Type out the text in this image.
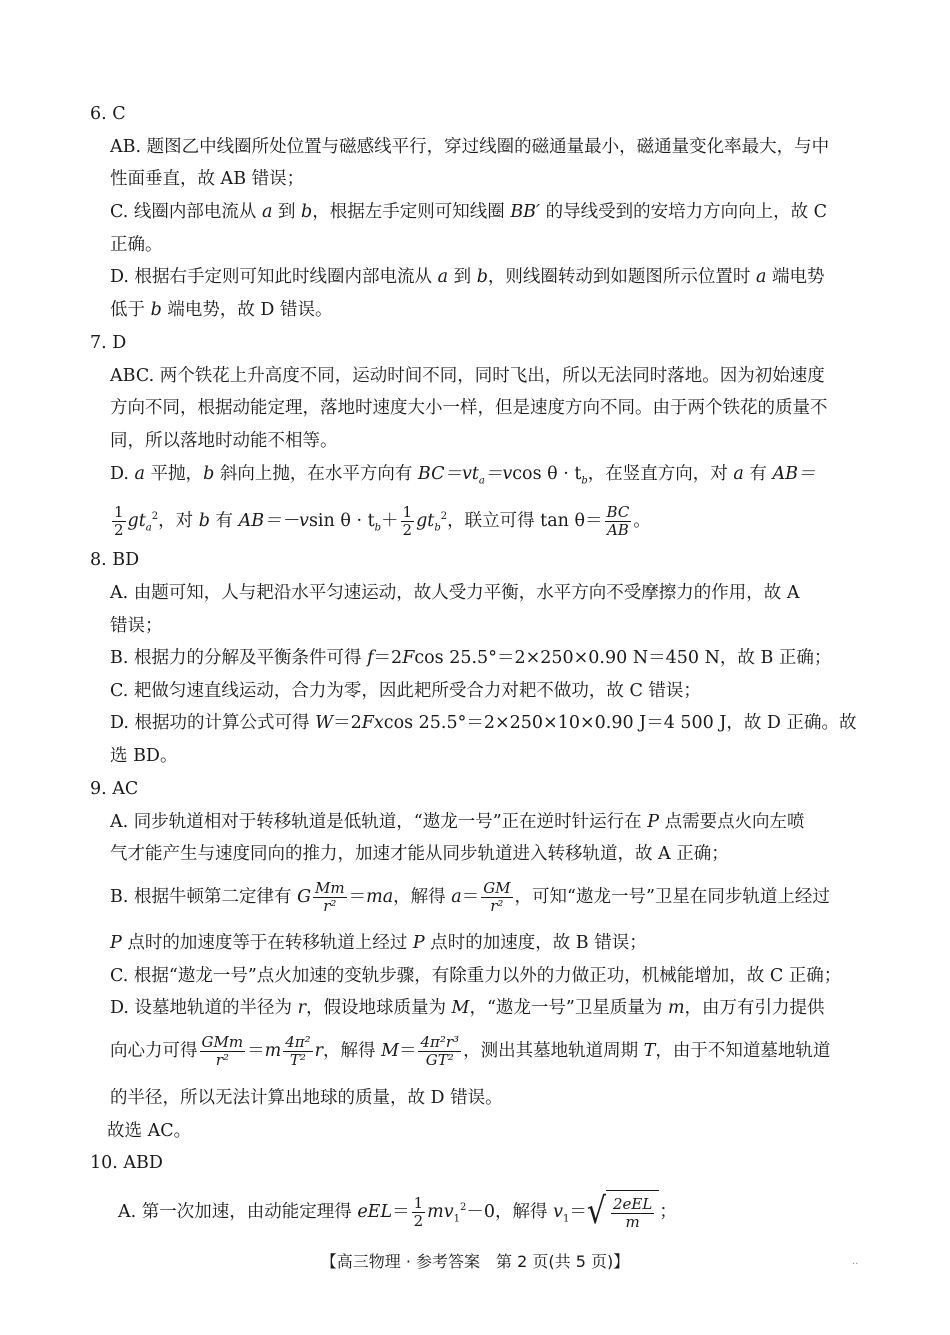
6. C
AB. 题图乙中线圈所处位置与磁感线平行，穿过线圈的磁通量最小，磁通量变化率最大，与中
性面垂直，故 AB 错误；
C. 线圈内部电流从 a 到 b，根据左手定则可知线圈 BB′ 的导线受到的安培力方向向上，故 C
正确。
D. 根据右手定则可知此时线圈内部电流从 a 到 b，则线圈转动到如题图所示位置时 a 端电势
低于 b 端电势，故 D 错误。
7. D
ABC. 两个铁花上升高度不同，运动时间不同，同时飞出，所以无法同时落地。因为初始速度
方向不同，根据动能定理，落地时速度大小一样，但是速度方向不同。由于两个铁花的质量不
同，所以落地时动能不相等。
D. a 平抛，b 斜向上抛，在水平方向有 $BC=vt_a=vcos$ $\theta \cdot t_b$，在竖直方向，对 a 有 AB＝
$\frac{1}{2} gt_a^2$，对 b 有 AB＝－vsin $\theta \cdot t_b+ \frac{1}{2} gt_b^2$，联立可得 $\tan \theta= \frac{BC}{AB}$ 。
8. BD
A. 由题可知，人与耙沿水平匀速运动，故人受力平衡，水平方向不受摩擦力的作用，故 A
错误；
B. 根据力的分解及平衡条件可得 f＝2Fcos 25.5°＝2×250×0.90 N＝450 N，故 B 正确；
C. 耙做匀速直线运动，合力为零，因此耙所受合力对耙不做功，故 C 错误；
D. 根据功的计算公式可得 W＝2Fxcos 25.5°＝2×250×10×0.90 J＝4 500 J，故 D 正确。故
选 BD。
9. AC
A. 同步轨道相对于转移轨道是低轨道，“遨龙一号”正在逆时针运行在 P 点需要点火向左喷
气才能产生与速度同向的推力，加速才能从同步轨道进入转移轨道，故 A 正确；
B. 根据牛顿第二定律有 G $\frac{Mm}{\text{r²}} =ma$，解得 $a= \frac{GM}{\text{r²}}$ ，可知“遨龙一号”卫星在同步轨道上经过
P 点时的加速度等于在转移轨道上经过 P 点时的加速度，故 B 错误；
C. 根据“遨龙一号”点火加速的变轨步骤，有除重力以外的力做正功，机械能增加，故 C 正确；
D. 设墓地轨道的半径为 r，假设地球质量为 M，“遨龙一号”卫星质量为 m，由万有引力提供
向心力可得 $\frac{\text{GMm}}{\text{r²}} =m \frac{\text{4π²}}{\text{T²}}$ r，解得 $M= \frac{\text{4π²r³}}{\text{GT²}}$ ，测出其墓地轨道周期 T，由于不知道墓地轨道
的半径，所以无法计算出地球的质量，故 D 错误。
故选 AC。
10. ABD
A. 第一次加速，由动能定理得 $eEL= \frac{1}{2} mv_1^2-0$，解得 $v_1=$ √ $\frac{\text{2eEL}}{m}$ ；
【高三物理 · 参考答案　第 2 页(共 5 页)】	..
